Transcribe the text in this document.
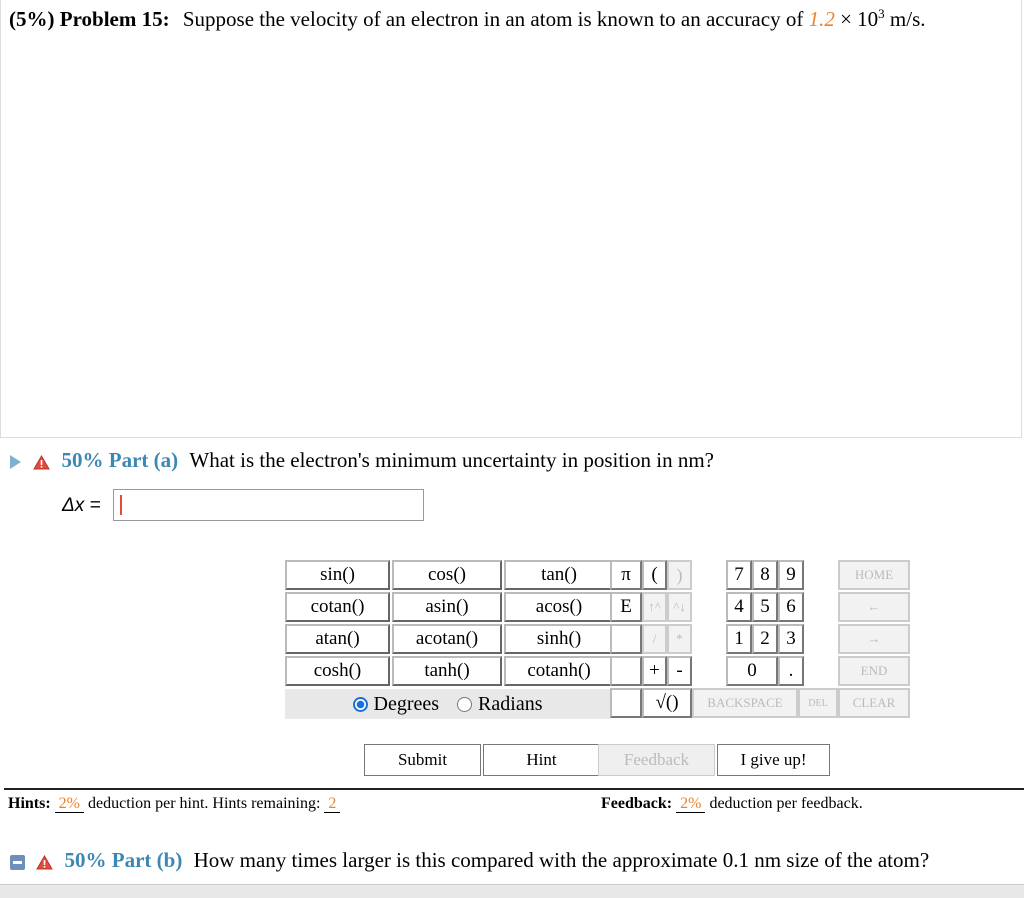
(5%) Problem 15: Suppose the velocity of an electron in an atom is known to an accuracy of $1.2 \times 10^3$ m/s.
50% Part (a) What is the electron's minimum uncertainty in position in nm?
Δx =
sin()	cos()	tan()
cotan()	asin()	acos()
atan()	acotan()	sinh()
cosh()	tanh()	cotanh()
Degrees Radians
π	(	)
E	↑^ ^↓
/	*
+ -
√()
7 8 9
4 5 6
1 2 3
0	.
HOME
←
→
END
BACKSPACE	DEL	CLEAR
Submit	Hint	Feedback	I give up!
Hints: 2% deduction per hint. Hints remaining: 2	Feedback: 2% deduction per feedback.
50% Part (b) How many times larger is this compared with the approximate 0.1 nm size of the atom?
